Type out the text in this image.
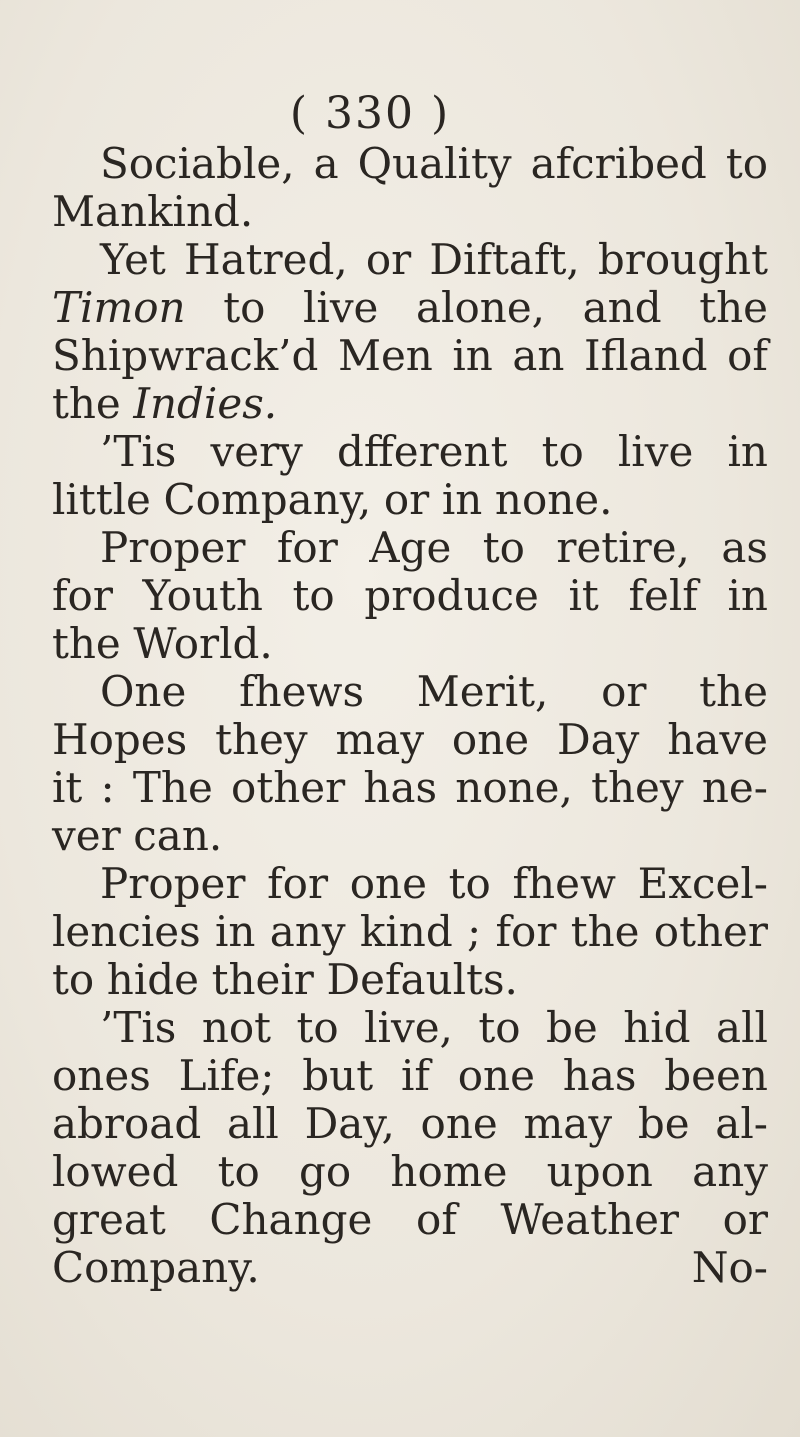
( 330 )
Sociable, a Quality afcribed to
Mankind.
Yet Hatred, or Diftaft, brought
Timon to live alone, and the
Shipwrack’d Men in an Ifland of
the Indies.
’Tis very dfferent to live in
little Company, or in none.
Proper for Age to retire, as
for Youth to produce it felf in
the World.
One fhews Merit, or the
Hopes they may one Day have
it : The other has none, they ne-
ver can.
Proper for one to fhew Excel-
lencies in any kind ; for the other
to hide their Defaults.
’Tis not to live, to be hid all
ones Life; but if one has been
abroad all Day, one may be al-
lowed to go home upon any
great Change of Weather or
Company.	No-
